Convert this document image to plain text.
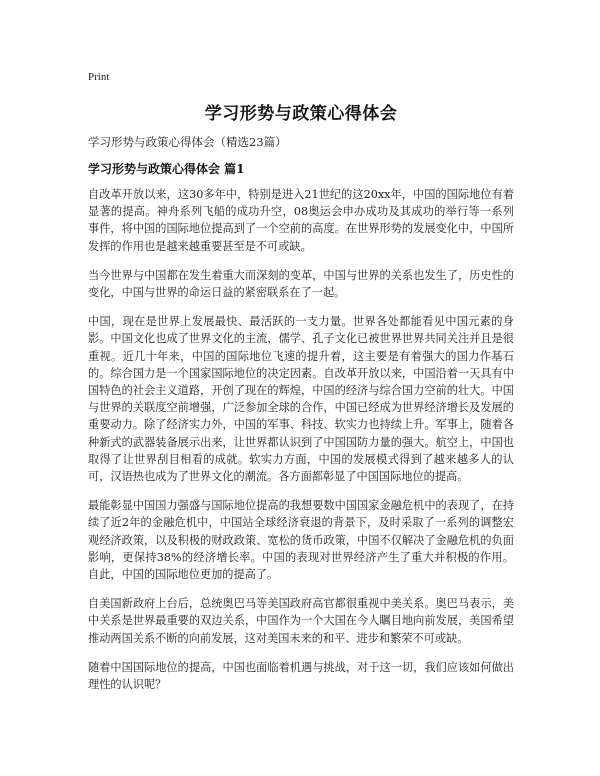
Print
学习形势与政策心得体会
学习形势与政策心得体会（精选23篇）
学习形势与政策心得体会 篇1

自改革开放以来，这30多年中，特别是进入21世纪的这20xx年，中国的国际地位有着显著的提高。神舟系列飞船的成功升空，08奥运会申办成功及其成功的举行等一系列事件，将中国的国际地位提高到了一个空前的高度。在世界形势的发展变化中，中国所发挥的作用也是越来越重要甚至是不可或缺。

当今世界与中国都在发生着重大而深刻的变革，中国与世界的关系也发生了，历史性的变化，中国与世界的命运日益的紧密联系在了一起。

中国，现在是世界上发展最快、最活跃的一支力量。世界各处都能看见中国元素的身影。中国文化也成了世界文化的主流，儒学、孔子文化已被世界世界共同关注并且是很重视。近几十年来，中国的国际地位飞速的提升着，这主要是有着强大的国力作基石的。综合国力是一个国家国际地位的决定因素。自改革开放以来，中国沿着一天具有中国特色的社会主义道路，开创了现在的辉煌，中国的经济与综合国力空前的壮大。中国与世界的关联度空前增强，广泛参加全球的合作，中国已经成为世界经济增长及发展的重要动力。除了经济实力外，中国的军事、科技、软实力也持续上升。军事上，随着各种新式的武器装备展示出来，让世界都认识到了中国国防力量的强大。航空上，中国也取得了让世界刮目相看的成就。软实力方面，中国的发展模式得到了越来越多人的认可，汉语热也成为了世界文化的潮流。各方面都彰显了中国国际地位的提高。

最能彰显中国国力强盛与国际地位提高的我想要数中国国家金融危机中的表现了，在持续了近2年的金融危机中，中国站全球经济衰退的背景下，及时采取了一系列的调整宏观经济政策，以及积极的财政政策、宽松的货币政策，中国不仅解决了金融危机的负面影响，更保持38%的经济增长率。中国的表现对世界经济产生了重大并积极的作用。自此，中国的国际地位更加的提高了。

自美国新政府上台后，总统奥巴马等美国政府高官都很重视中美关系。奥巴马表示，美中关系是世界最重要的双边关系，中国作为一个大国在今人瞩目地向前发展，美国希望推动两国关系不断的向前发展，这对美国未来的和平、进步和繁荣不可或缺。

随着中国国际地位的提高，中国也面临着机遇与挑战，对于这一切，我们应该如何做出理性的认识呢？
